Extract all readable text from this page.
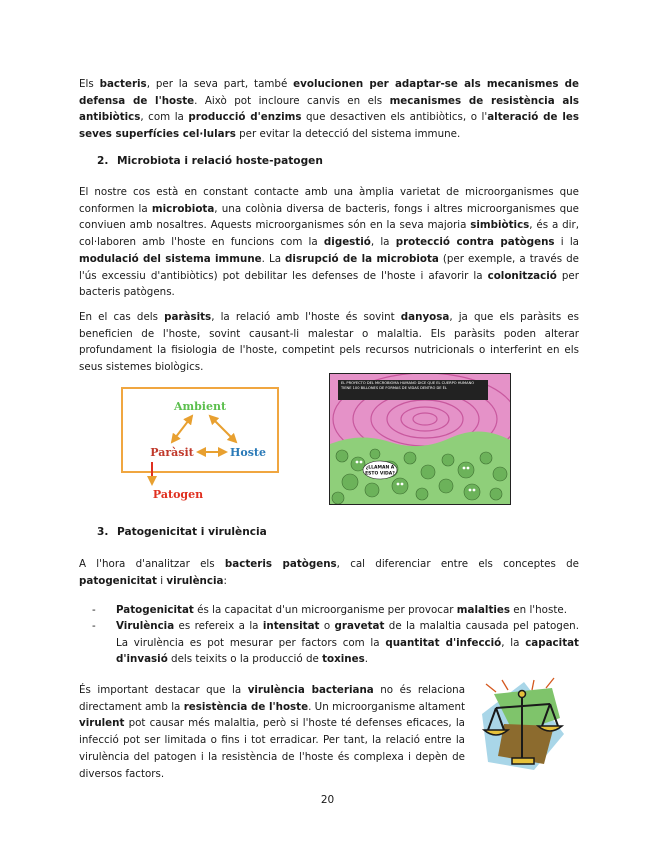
Els bacteris, per la seva part, també evolucionen per adaptar-se als mecanismes de defensa de l'hoste. Això pot incloure canvis en els mecanismes de resistència als antibiòtics, com la producció d'enzims que desactiven els antibiòtics, o l'alteració de les seves superfícies cel·lulars per evitar la detecció del sistema immune.

2. Microbiota i relació hoste-patogen

El nostre cos està en constant contacte amb una àmplia varietat de microorganismes que conformen la microbiota, una colònia diversa de bacteris, fongs i altres microorganismes que conviuen amb nosaltres. Aquests microorganismes són en la seva majoria simbiòtics, és a dir, col·laboren amb l'hoste en funcions com la digestió, la protecció contra patògens i la modulació del sistema immune. La disrupció de la microbiota (per exemple, a través de l'ús excessiu d'antibiòtics) pot debilitar les defenses de l'hoste i afavorir la colonització per bacteris patògens.

En el cas dels paràsits, la relació amb l'hoste és sovint danyosa, ja que els paràsits es beneficien de l'hoste, sovint causant-li malestar o malaltia. Els paràsits poden alterar profundament la fisiologia de l'hoste, competint pels recursos nutricionals o interferint en els seus sistemes biològics.

Ambient
Paràsit	Hoste
Patogen
¿LLAMAN A
ESTO VIDA?
EL PROYECTO DEL MICROBIOMA HUMANO DICE QUE EL CUERPO HUMANO TIENE 100 BILLONES DE FORMAS DE VIDAS DENTRO DE ÉL

3. Patogenicitat i virulència

A l'hora d'analitzar els bacteris patògens, cal diferenciar entre els conceptes de patogenicitat i virulència:

- Patogenicitat és la capacitat d'un microorganisme per provocar malalties en l'hoste.
- Virulència es refereix a la intensitat o gravetat de la malaltia causada pel patogen. La virulència es pot mesurar per factors com la quantitat d'infecció, la capacitat d'invasió dels teixits o la producció de toxines.

És important destacar que la virulència bacteriana no és relaciona directament amb la resistència de l'hoste. Un microorganisme altament virulent pot causar més malaltia, però si l'hoste té defenses eficaces, la infecció pot ser limitada o fins i tot erradicar. Per tant, la relació entre la virulència del patogen i la resistència de l'hoste és complexa i depèn de diversos factors.

20
